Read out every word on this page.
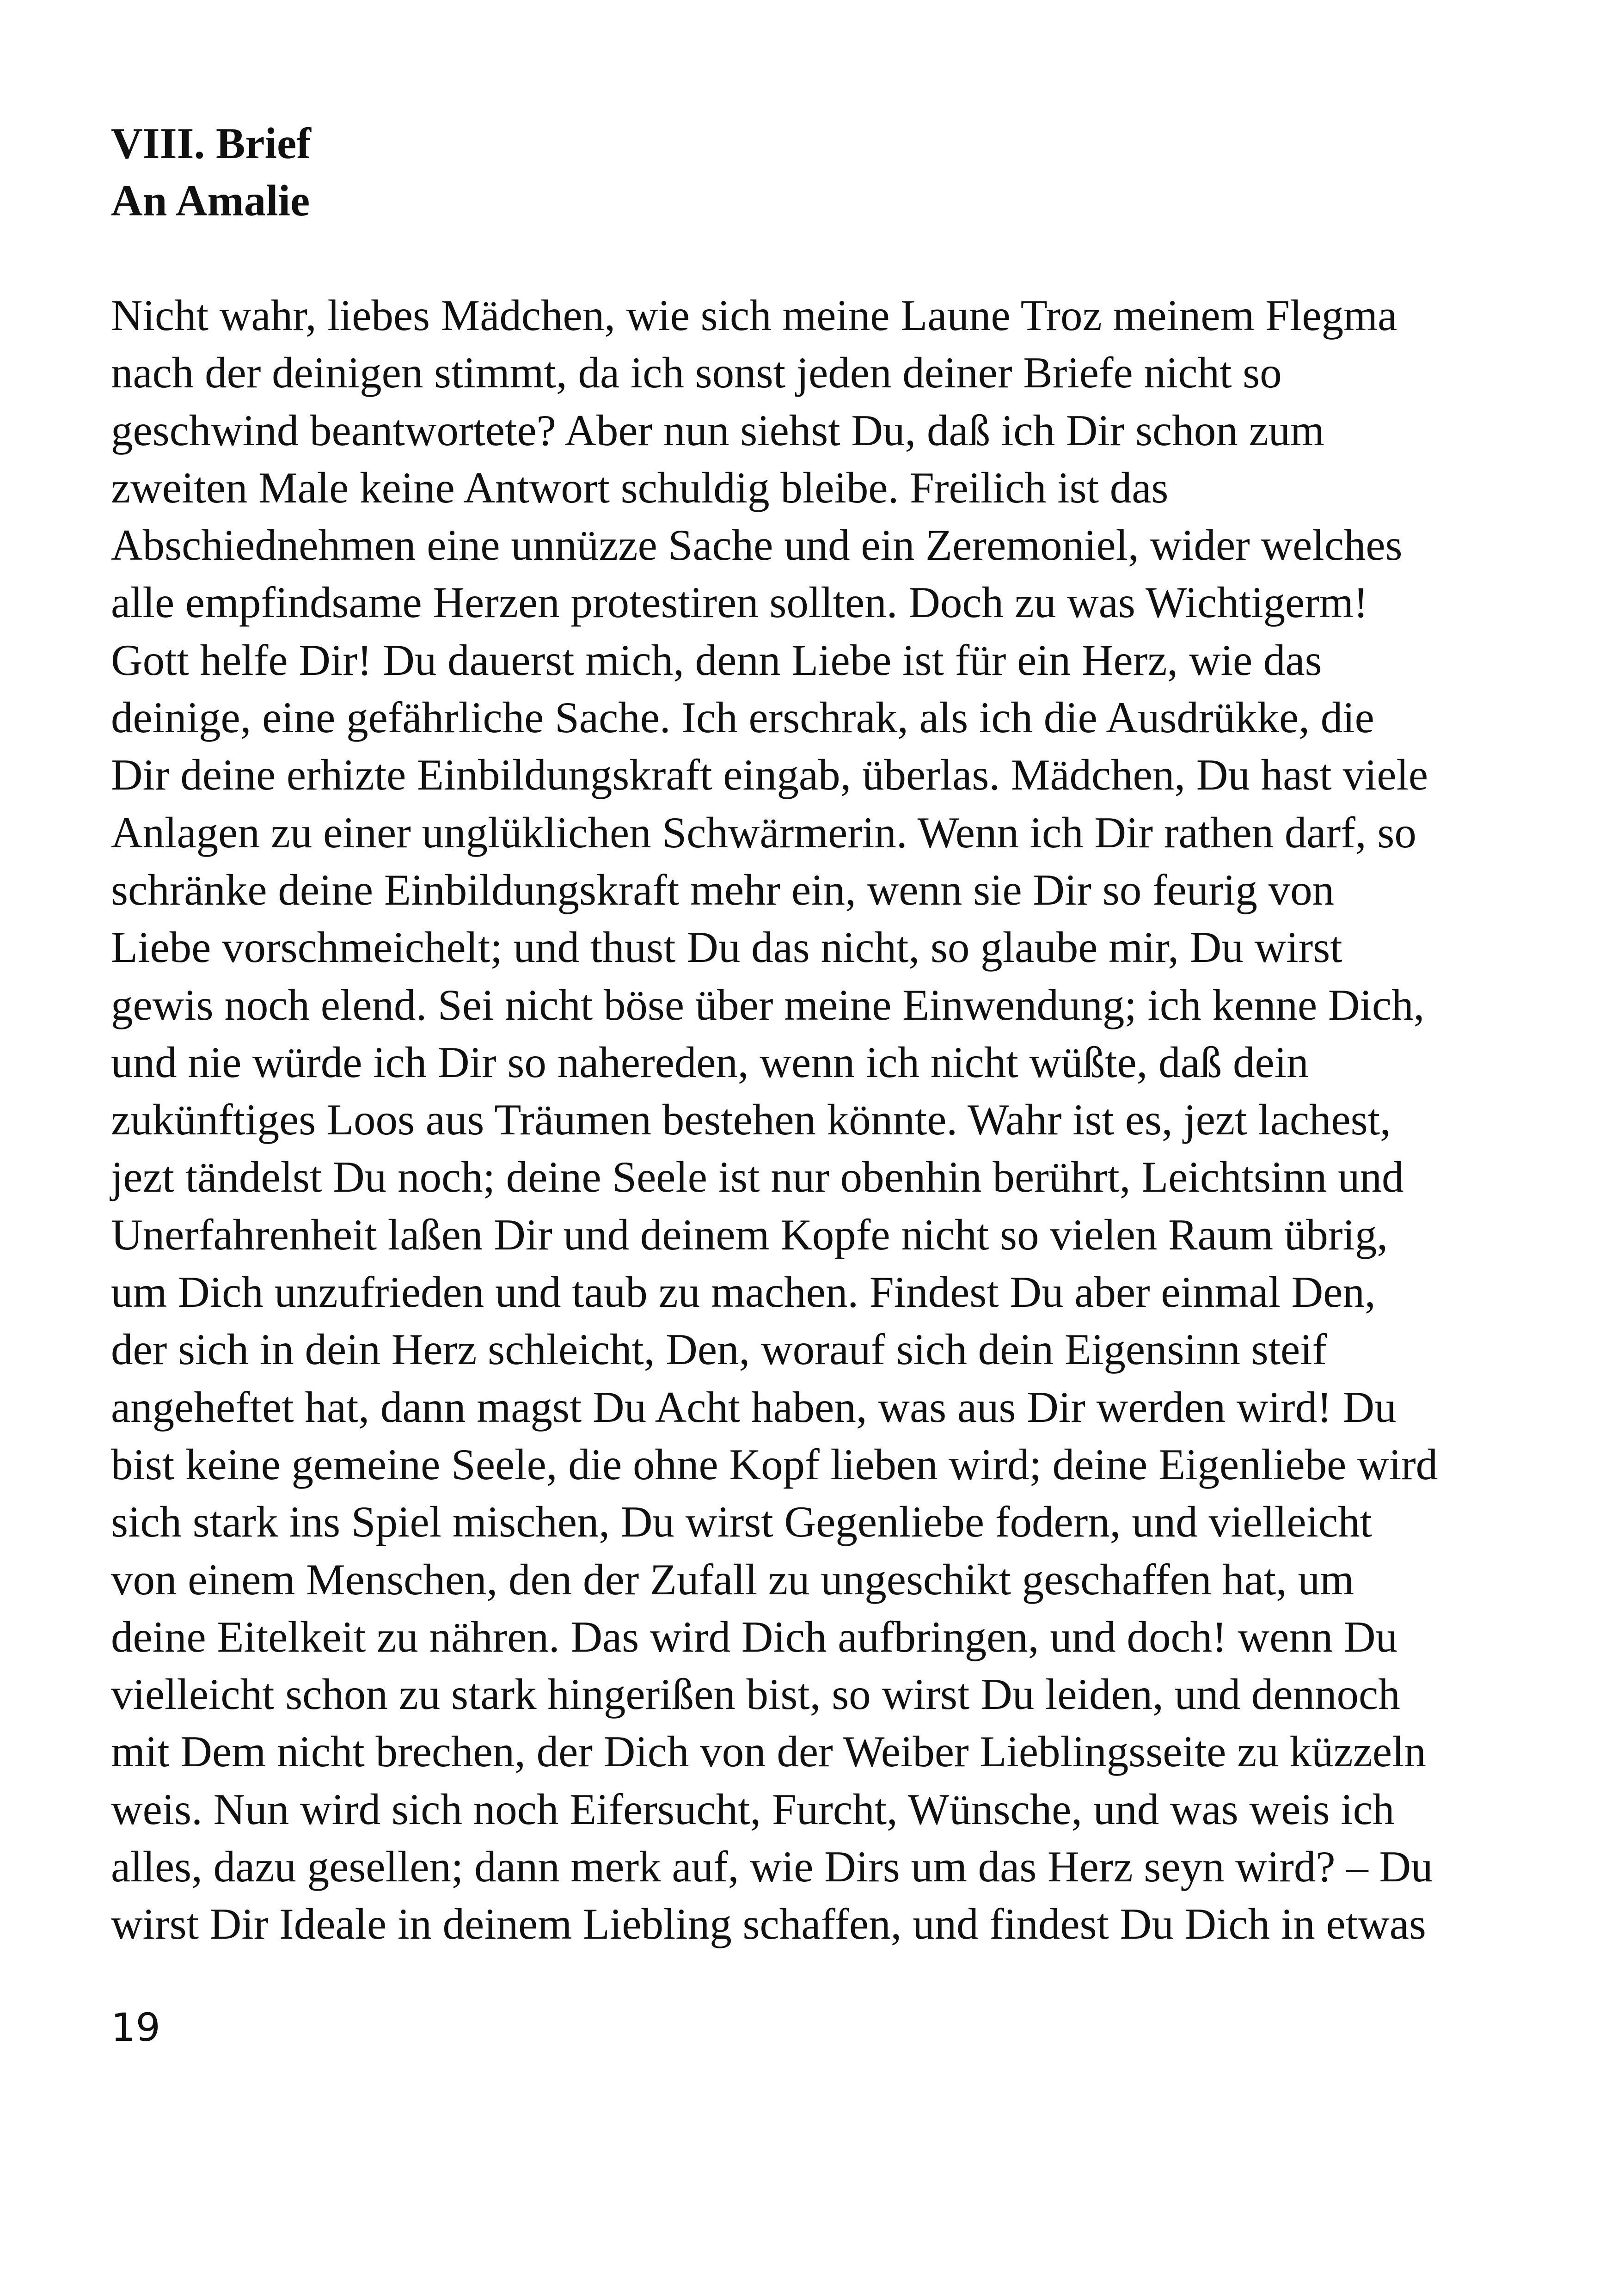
VIII. Brief
An Amalie
Nicht wahr, liebes Mädchen, wie sich meine Laune Troz meinem Flegma
nach der deinigen stimmt, da ich sonst jeden deiner Briefe nicht so
geschwind beantwortete? Aber nun siehst Du, daß ich Dir schon zum
zweiten Male keine Antwort schuldig bleibe. Freilich ist das
Abschiednehmen eine unnüzze Sache und ein Zeremoniel, wider welches
alle empfindsame Herzen protestiren sollten. Doch zu was Wichtigerm!
Gott helfe Dir! Du dauerst mich, denn Liebe ist für ein Herz, wie das
deinige, eine gefährliche Sache. Ich erschrak, als ich die Ausdrükke, die
Dir deine erhizte Einbildungskraft eingab, überlas. Mädchen, Du hast viele
Anlagen zu einer unglüklichen Schwärmerin. Wenn ich Dir rathen darf, so
schränke deine Einbildungskraft mehr ein, wenn sie Dir so feurig von
Liebe vorschmeichelt; und thust Du das nicht, so glaube mir, Du wirst
gewis noch elend. Sei nicht böse über meine Einwendung; ich kenne Dich,
und nie würde ich Dir so nahereden, wenn ich nicht wüßte, daß dein
zukünftiges Loos aus Träumen bestehen könnte. Wahr ist es, jezt lachest,
jezt tändelst Du noch; deine Seele ist nur obenhin berührt, Leichtsinn und
Unerfahrenheit laßen Dir und deinem Kopfe nicht so vielen Raum übrig,
um Dich unzufrieden und taub zu machen. Findest Du aber einmal Den,
der sich in dein Herz schleicht, Den, worauf sich dein Eigensinn steif
angeheftet hat, dann magst Du Acht haben, was aus Dir werden wird! Du
bist keine gemeine Seele, die ohne Kopf lieben wird; deine Eigenliebe wird
sich stark ins Spiel mischen, Du wirst Gegenliebe fodern, und vielleicht
von einem Menschen, den der Zufall zu ungeschikt geschaffen hat, um
deine Eitelkeit zu nähren. Das wird Dich aufbringen, und doch! wenn Du
vielleicht schon zu stark hingerißen bist, so wirst Du leiden, und dennoch
mit Dem nicht brechen, der Dich von der Weiber Lieblingsseite zu küzzeln
weis. Nun wird sich noch Eifersucht, Furcht, Wünsche, und was weis ich
alles, dazu gesellen; dann merk auf, wie Dirs um das Herz seyn wird? – Du
wirst Dir Ideale in deinem Liebling schaffen, und findest Du Dich in etwas
19
